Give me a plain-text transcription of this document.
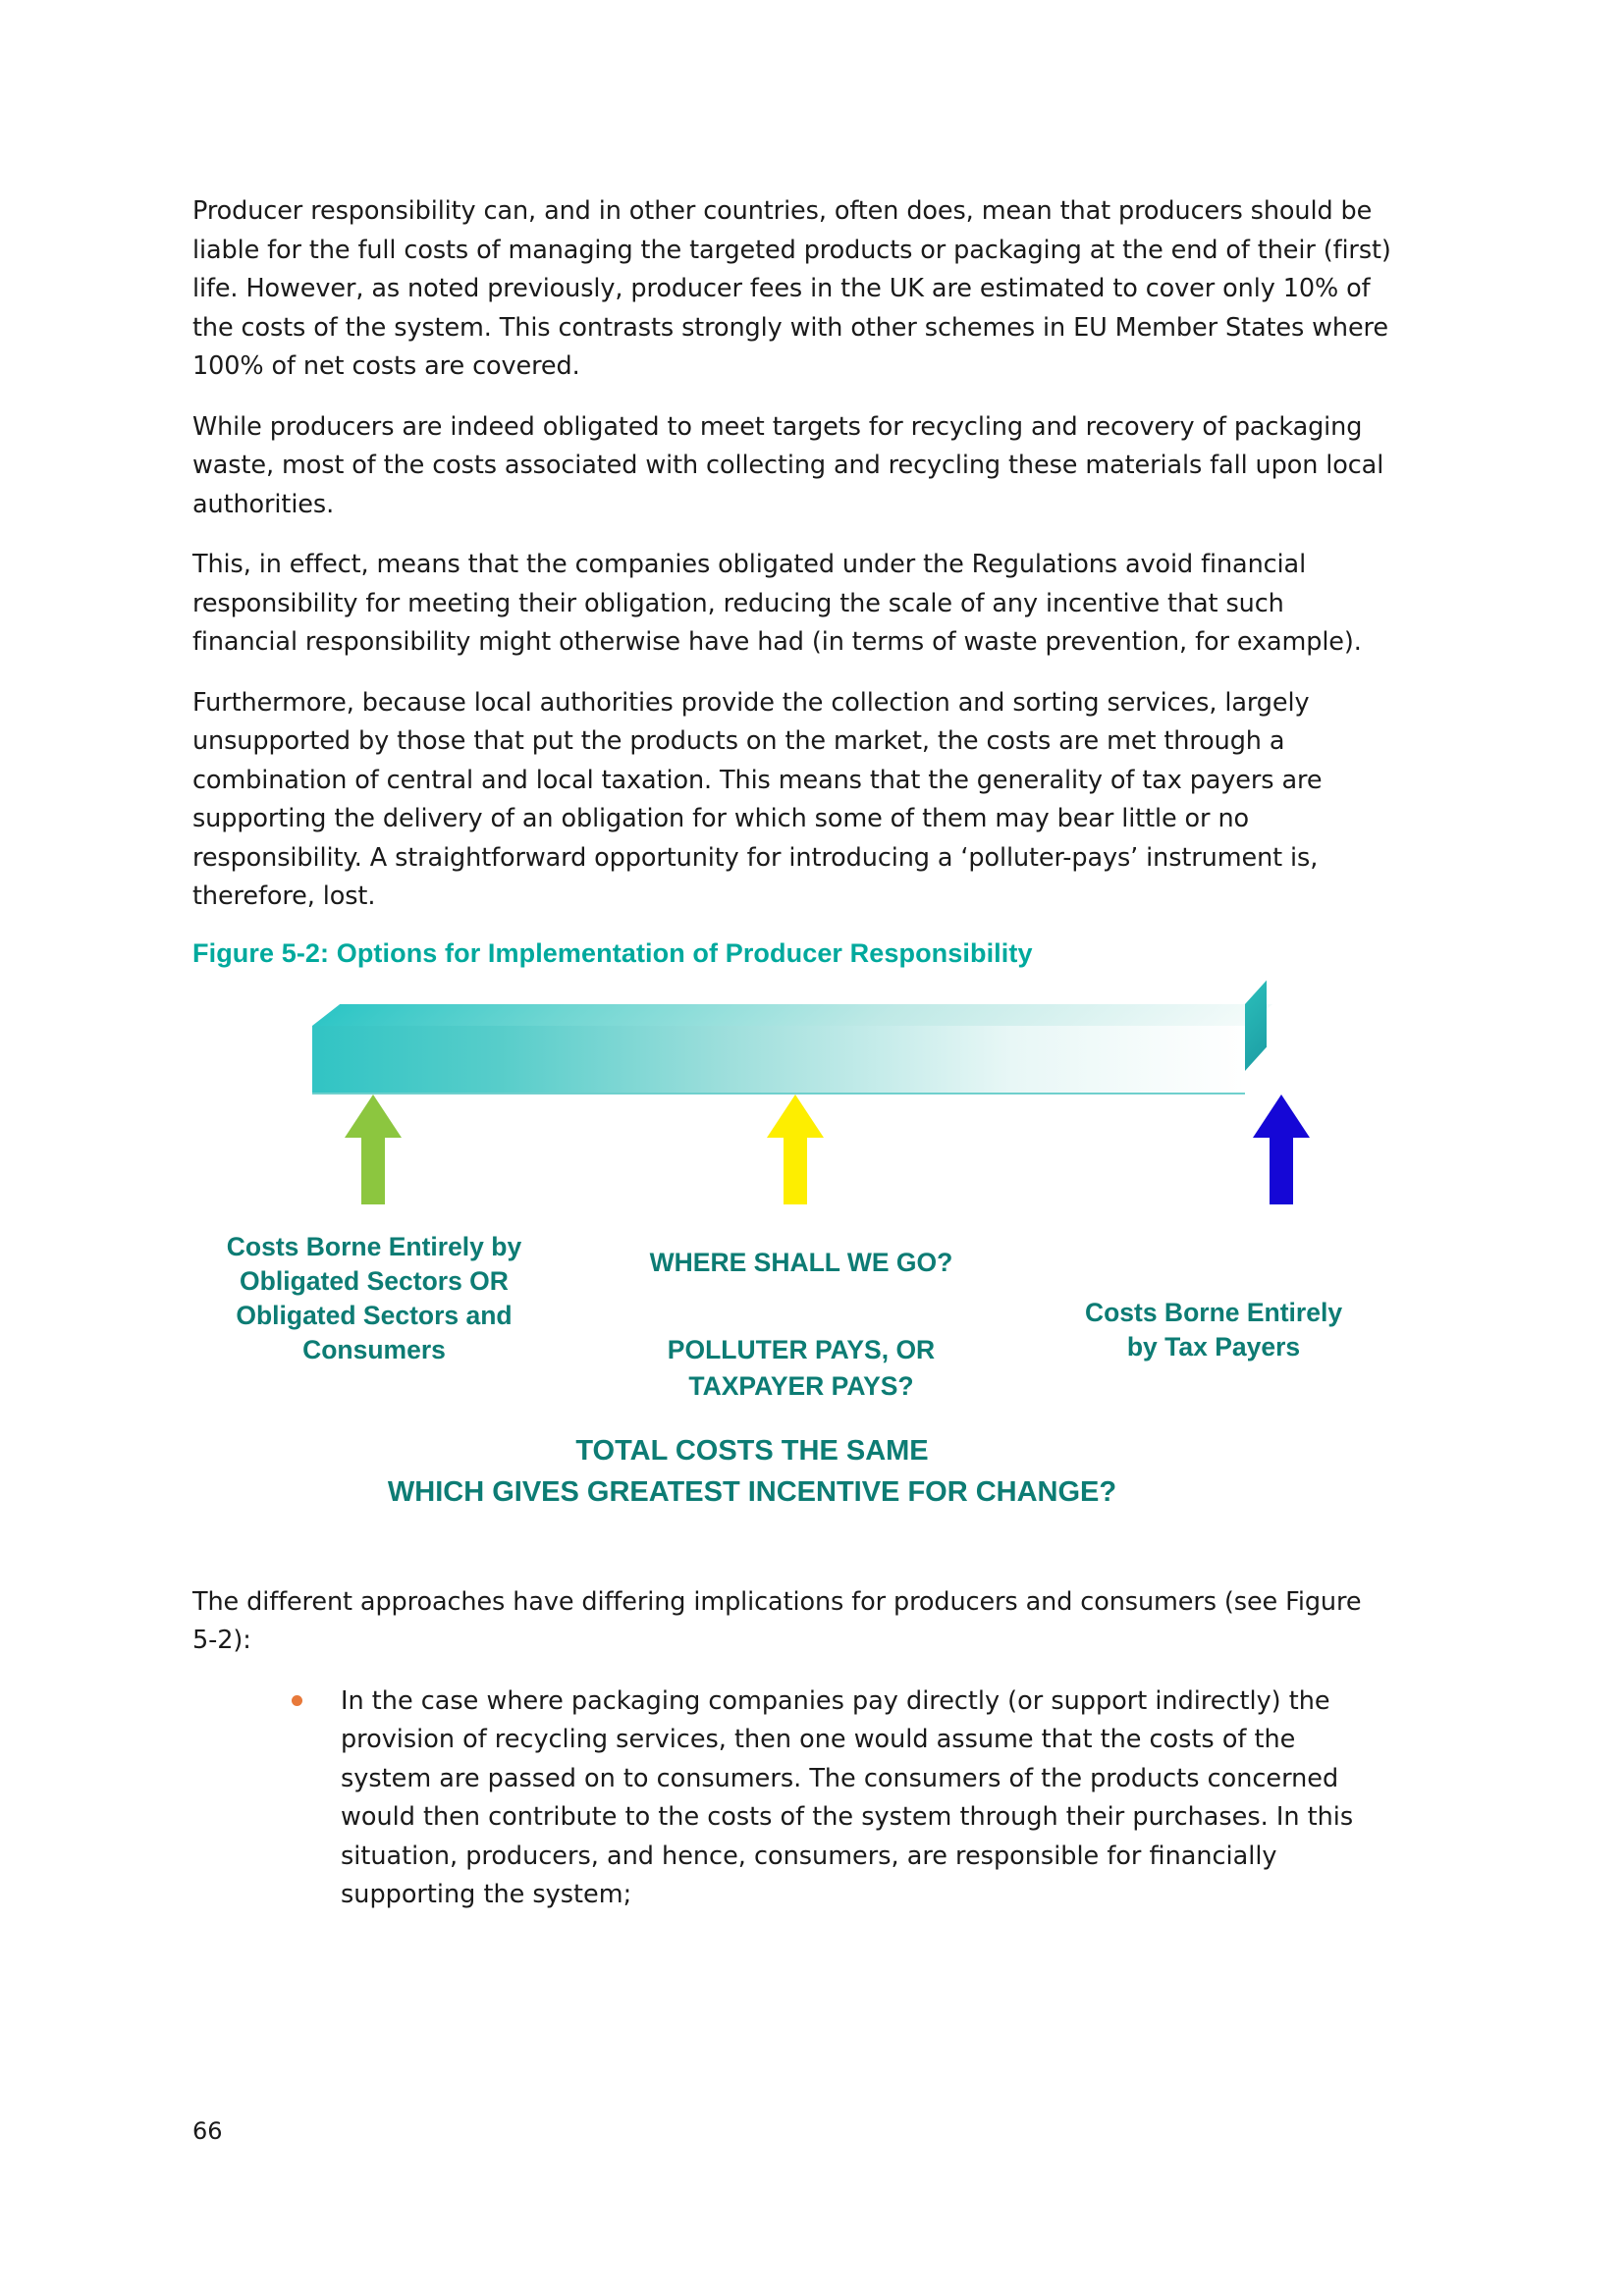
Producer responsibility can, and in other countries, often does, mean that producers should be liable for the full costs of managing the targeted products or packaging at the end of their (first) life. However, as noted previously, producer fees in the UK are estimated to cover only 10% of the costs of the system. This contrasts strongly with other schemes in EU Member States where 100% of net costs are covered.

While producers are indeed obligated to meet targets for recycling and recovery of packaging waste, most of the costs associated with collecting and recycling these materials fall upon local authorities.

This, in effect, means that the companies obligated under the Regulations avoid financial responsibility for meeting their obligation, reducing the scale of any incentive that such financial responsibility might otherwise have had (in terms of waste prevention, for example).

Furthermore, because local authorities provide the collection and sorting services, largely unsupported by those that put the products on the market, the costs are met through a combination of central and local taxation. This means that the generality of tax payers are supporting the delivery of an obligation for which some of them may bear little or no responsibility. A straightforward opportunity for introducing a ‘polluter-pays’ instrument is, therefore, lost.

Figure 5-2: Options for Implementation of Producer Responsibility
Costs Borne Entirely by Obligated Sectors OR Obligated Sectors and Consumers
WHERE SHALL WE GO?
POLLUTER PAYS, OR TAXPAYER PAYS?
Costs Borne Entirely by Tax Payers
TOTAL COSTS THE SAME
WHICH GIVES GREATEST INCENTIVE FOR CHANGE?

The different approaches have differing implications for producers and consumers (see Figure 5-2):

In the case where packaging companies pay directly (or support indirectly) the provision of recycling services, then one would assume that the costs of the system are passed on to consumers. The consumers of the products concerned would then contribute to the costs of the system through their purchases. In this situation, producers, and hence, consumers, are responsible for financially supporting the system;
66
